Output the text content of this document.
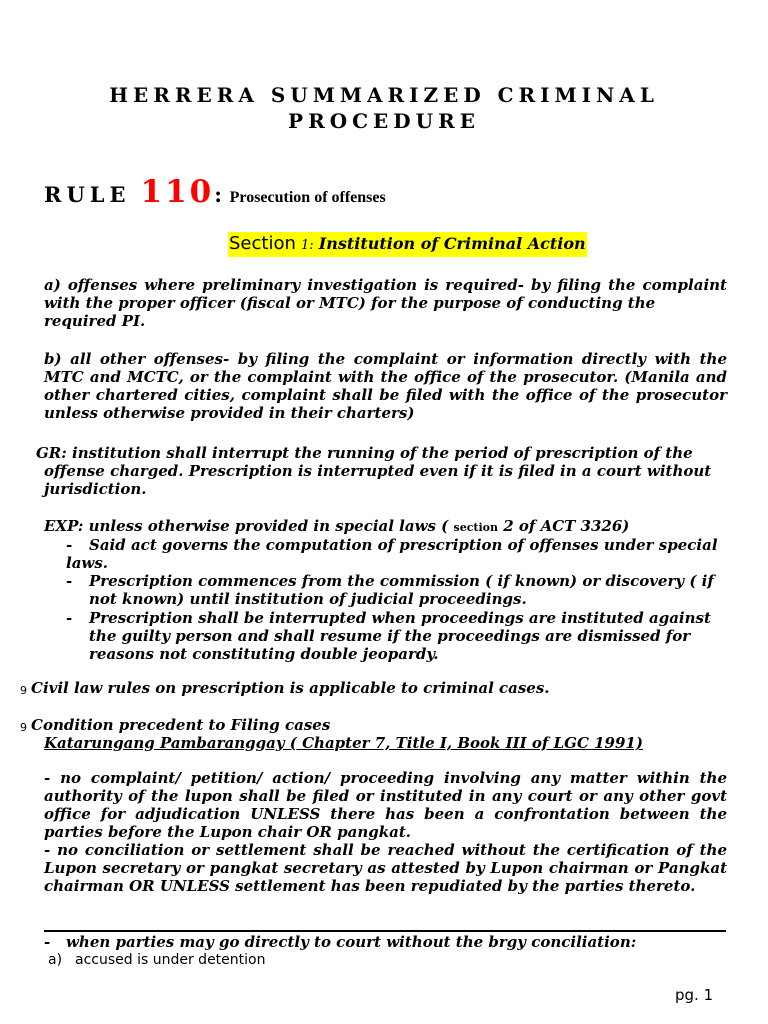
HERRERA SUMMARIZED CRIMINAL
PROCEDURE
RULE 110: Prosecution of offenses
Section 1: Institution of Criminal Action
a) offenses where preliminary investigation is required- by filing the complaint
with the proper officer (fiscal or MTC) for the purpose of conducting the
required PI.
b) all other offenses- by filing the complaint or information directly with the
MTC and MCTC, or the complaint with the office of the prosecutor. (Manila and
other chartered cities, complaint shall be filed with the office of the prosecutor
unless otherwise provided in their charters)
GR: institution shall interrupt the running of the period of prescription of the
offense charged. Prescription is interrupted even if it is filed in a court without
jurisdiction.
EXP: unless otherwise provided in special laws ( section 2 of ACT 3326)
- Said act governs the computation of prescription of offenses under special
laws.
- Prescription commences from the commission ( if known) or discovery ( if
not known) until institution of judicial proceedings.
- Prescription shall be interrupted when proceedings are instituted against
the guilty person and shall resume if the proceedings are dismissed for
reasons not constituting double jeopardy.
9 Civil law rules on prescription is applicable to criminal cases.
9 Condition precedent to Filing cases
Katarungang Pambaranggay ( Chapter 7, Title I, Book III of LGC 1991)
- no complaint/ petition/ action/ proceeding involving any matter within the
authority of the lupon shall be filed or instituted in any court or any other govt
office for adjudication UNLESS there has been a confrontation between the
parties before the Lupon chair OR pangkat.
- no conciliation or settlement shall be reached without the certification of the
Lupon secretary or pangkat secretary as attested by Lupon chairman or Pangkat
chairman OR UNLESS settlement has been repudiated by the parties thereto.
- when parties may go directly to court without the brgy conciliation:
a) accused is under detention
pg. 1
